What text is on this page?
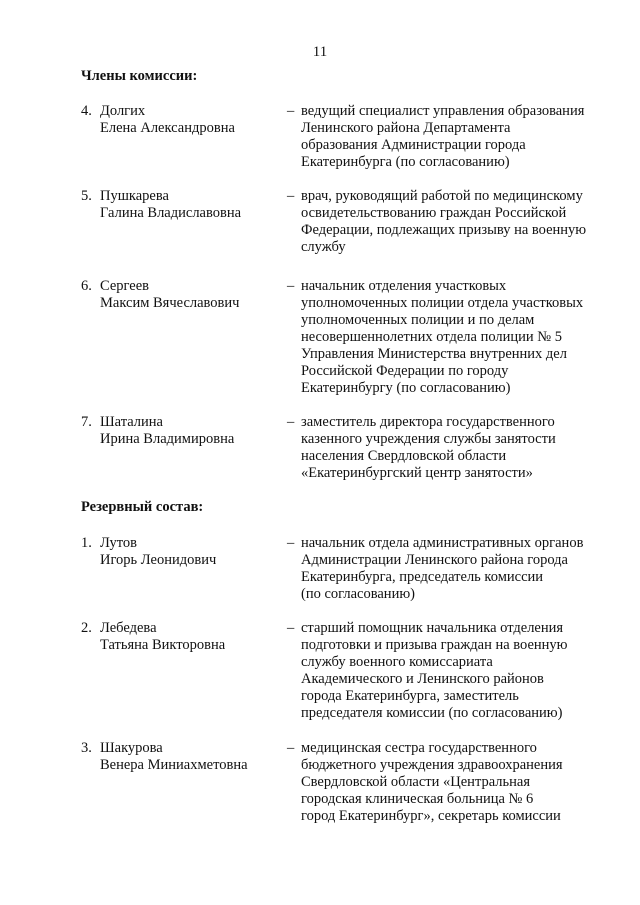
11
Члены комиссии:
4. Долгих
Елена Александровна
– ведущий специалист управления образования
Ленинского района Департамента
образования Администрации города
Екатеринбурга (по согласованию)
5. Пушкарева
Галина Владиславовна
– врач, руководящий работой по медицинскому
освидетельствованию граждан Российской
Федерации, подлежащих призыву на военную
службу
6. Сергеев
Максим Вячеславович
– начальник отделения участковых
уполномоченных полиции отдела участковых
уполномоченных полиции и по делам
несовершеннолетних отдела полиции № 5
Управления Министерства внутренних дел
Российской Федерации по городу
Екатеринбургу (по согласованию)
7. Шаталина
Ирина Владимировна
– заместитель директора государственного
казенного учреждения службы занятости
населения Свердловской области
«Екатеринбургский центр занятости»
Резервный состав:
1. Лутов
Игорь Леонидович
– начальник отдела административных органов
Администрации Ленинского района города
Екатеринбурга, председатель комиссии
(по согласованию)
2. Лебедева
Татьяна Викторовна
– старший помощник начальника отделения
подготовки и призыва граждан на военную
службу военного комиссариата
Академического и Ленинского районов
города Екатеринбурга, заместитель
председателя комиссии (по согласованию)
3. Шакурова
Венера Миниахметовна
– медицинская сестра государственного
бюджетного учреждения здравоохранения
Свердловской области «Центральная
городская клиническая больница № 6
город Екатеринбург», секретарь комиссии
